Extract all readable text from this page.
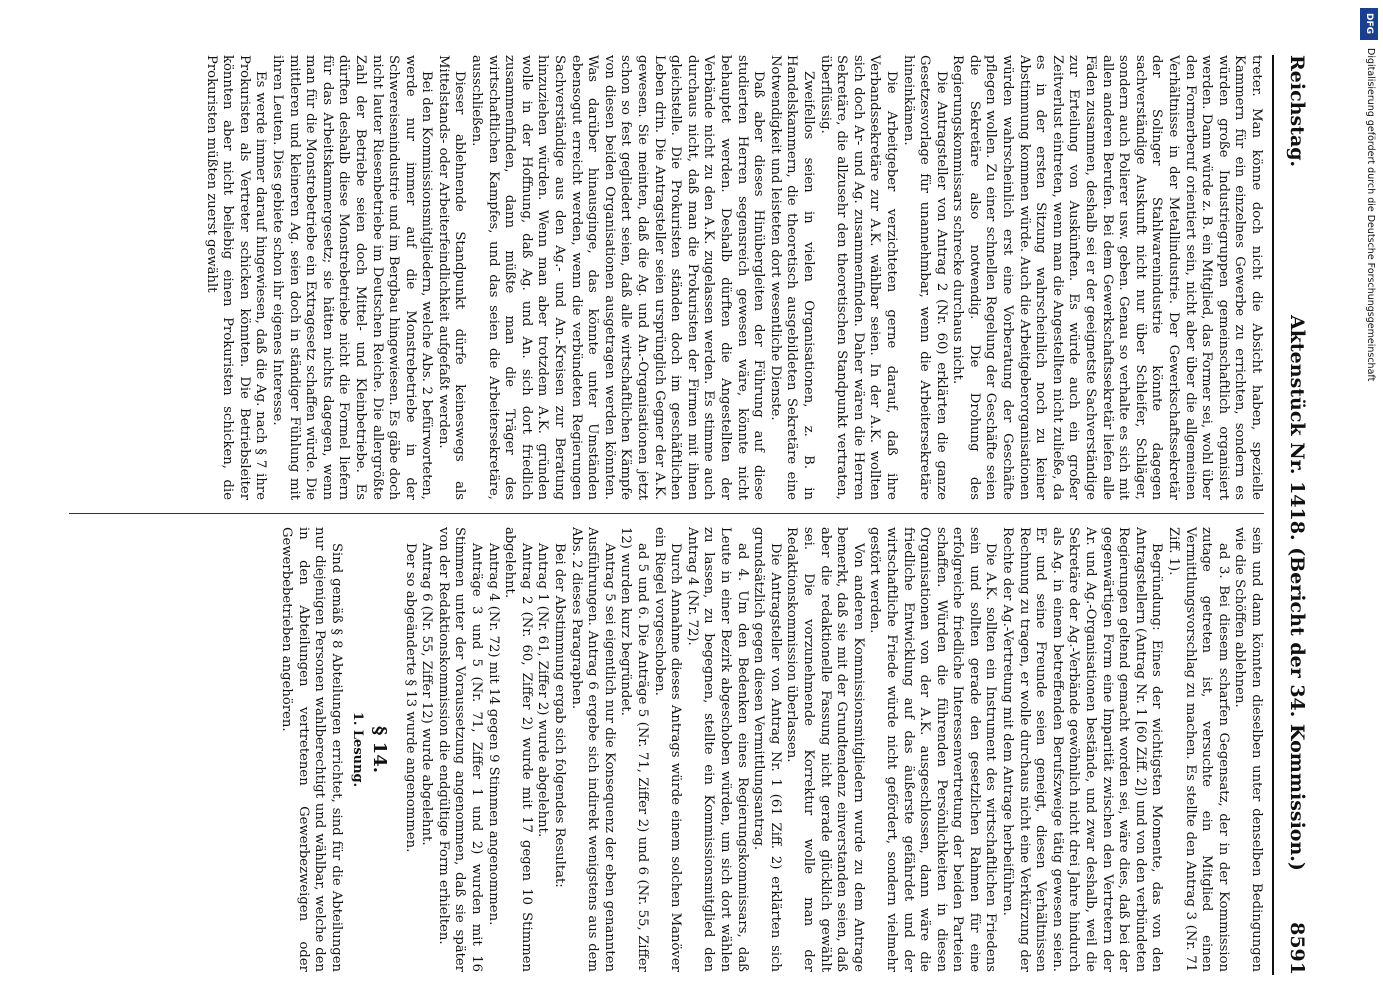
Reichstag.
Aktenstück Nr. 1418. (Bericht der 34. Kommission.)
8591

treter. Man könne doch nicht die Absicht haben, spezielle Kammern für ein einzelnes Gewerbe zu errichten, sondern es würden große Industriegruppen gemeinschaftlich organisiert werden. Dann würde z. B. ein Mitglied, das Former sei, wohl über den Formerberuf orientiert sein, nicht aber über die allgemeinen Verhältnisse in der Metallindustrie. Der Gewerkschaftssekretär der Solinger Stahlwarenindustrie könnte dagegen sachverständige Auskunft nicht nur über Schleifer, Schläger, sondern auch Polierer usw. geben. Genau so verhalte es sich mit allen anderen Berufen. Bei dem Gewerkschaftssekretär liefen alle Fäden zusammen, deshalb sei er der geeignetste Sachverständige zur Erteilung von Auskünften. Es würde auch ein großer Zeitverlust eintreten, wenn man die Angestellten nicht zuließe, da es in der ersten Sitzung wahrscheinlich noch zu keiner Abstimmung kommen würde. Auch die Arbeitgeberorganisationen würden wahrscheinlich erst eine Vorberatung der Geschäfte pflegen wollen. Zu einer schnellen Regelung der Geschäfte seien die Sekretäre also notwendig. Die Drohung des Regierungskommissars schrecke durchaus nicht.

Die Antragsteller von Antrag 2 (Nr. 60) erklärten die ganze Gesetzesvorlage für unannehmbar, wenn die Arbeitersekretäre hineinkämen.

Die Arbeitgeber verzichteten gerne darauf, daß ihre Verbandssekretäre zur A.K. wählbar seien. In der A.K. wollten sich doch Ar- und Ag. zusammenfinden. Daher wären die Herren Sekretäre, die allzusehr den theoretischen Standpunkt vertraten, überflüssig.

Zweifellos seien in vielen Organisationen, z. B. in Handelskammern, die theoretisch ausgebildeten Sekretäre eine Notwendigkeit und leisteten dort wesentliche Dienste.

Daß aber dieses Hinübergleiten der Führung auf diese studierten Herren segensreich gewesen wäre, könnte nicht behauptet werden. Deshalb dürften die Angestellten der Verbände nicht zu den A.K. zugelassen werden. Es stimme auch durchaus nicht, daß man die Prokuristen der Firmen mit ihnen gleichstelle. Die Prokuristen ständen doch im geschäftlichen Leben drin. Die Antragsteller seien ursprünglich Gegner der A.K. gewesen. Sie meinten, daß die Ag. und An.-Organisationen jetzt schon so fest gegliedert seien, daß alle wirtschaftlichen Kämpfe von diesen beiden Organisationen ausgetragen werden könnten. Was darüber hinausginge, das könnte unter Umständen ebensogut erreicht werden, wenn die verbündeten Regierungen Sachverständige aus den Ag.- und An.-Kreisen zur Beratung hinzuziehen würden. Wenn man aber trotzdem A.K. gründen wolle in der Hoffnung, daß Ag. und An. sich dort friedlich zusammenfinden, dann müßte man die Träger des wirtschaftlichen Kampfes, und das seien die Arbeitersekretäre, ausschließen.

Dieser ablehnende Standpunkt dürfe keineswegs als Mittelstands- oder Arbeiterfeindlichkeit aufgefaßt werden.

Bei den Kommissionsmitgliedern, welche Abs. 2 befürworteten, werde nur immer auf die Monstrebetriebe in der Schwereisenindustrie und im Bergbau hingewiesen. Es gäbe doch nicht lauter Riesenbetriebe im Deutschen Reiche. Die allergrößte Zahl der Betriebe seien doch Mittel- und Kleinbetriebe. Es dürften deshalb diese Monstrebetriebe nicht die Formel liefern für das Arbeitskammergesetz; sie hätten nichts dagegen, wenn man für die Monstrebetriebe ein Extragesetz schaffen würde. Die mittleren und kleineren Ag. seien doch in ständiger Fühlung mit ihren Leuten. Dies gebiete schon ihr eigenes Interesse.

Es werde immer darauf hingewiesen, daß die Ag. nach § 7 ihre Prokuristen als Vertreter schicken könnten. Die Betriebsleiter könnten aber nicht beliebig einen Prokuristen schicken, die Prokuristen müßten zuerst gewählt

sein und dann könnten dieselben unter denselben Bedingungen wie die Schöffen ablehnen.

ad 3. Bei diesem scharfen Gegensatz, der in der Kommission zutage getreten ist, versuchte ein Mitglied einen Vermittlungsvorschlag zu machen. Es stellte den Antrag 3 (Nr. 71 Ziff. 1).

Begründung: Eines der wichtigsten Momente, das von den Antragstellern (Antrag Nr. 1 [60 Ziff. 2]) und von den verbündeten Regierungen geltend gemacht worden sei, wäre dies, daß bei der gegenwärtigen Form eine Imparität zwischen den Vertretern der Ar. und Ag.-Organisationen bestände, und zwar deshalb, weil die Sekretäre der Ag.-Verbände gewöhnlich nicht drei Jahre hindurch als Ag. in einem betreffenden Berufszweige tätig gewesen seien. Er und seine Freunde seien geneigt, diesen Verhältnissen Rechnung zu tragen, er wolle durchaus nicht eine Verkürzung der Rechte der Ag.-Vertretung mit dem Antrage herbeiführen.

Die A.K. sollten ein Instrument des wirtschaftlichen Friedens sein und sollten gerade den gesetzlichen Rahmen für eine erfolgreiche friedliche Interessenvertretung der beiden Parteien schaffen. Würden die führenden Persönlichkeiten in diesen Organisationen von der A.K. ausgeschlossen, dann wäre die friedliche Entwicklung auf das äußerste gefährdet und der wirtschaftliche Friede würde nicht gefördert, sondern vielmehr gestört werden.

Von anderen Kommissionsmitgliedern wurde zu dem Antrage bemerkt, daß sie mit der Grundtendenz einverstanden seien, daß aber die redaktionelle Fassung nicht gerade glücklich gewählt sei. Die vorzunehmende Korrektur wolle man der Redaktionskommission überlassen.

Die Antragsteller von Antrag Nr. 1 (61 Ziff. 2) erklärten sich grundsätzlich gegen diesen Vermittlungsantrag.

ad 4. Um den Bedenken eines Regierungskommissars, daß Leute in einer Bezirk abgeschoben würden, um sich dort wählen zu lassen, zu begegnen, stellte ein Kommissionsmitglied den Antrag 4 (Nr. 72).

Durch Annahme dieses Antrags würde einem solchen Manöver ein Riegel vorgeschoben.

ad 5 und 6. Die Anträge 5 (Nr. 71, Ziffer 2) und 6 (Nr. 55, Ziffer 12) wurden kurz begründet.

Antrag 5 sei eigentlich nur die Konsequenz der eben genannten Ausführungen. Antrag 6 ergebe sich indirekt wenigstens aus dem Abs. 2 dieses Paragraphen.

Bei der Abstimmung ergab sich folgendes Resultat:

Antrag 1 (Nr. 61, Ziffer 2) wurde abgelehnt.

Antrag 2 (Nr. 60, Ziffer 2) wurde mit 17 gegen 10 Stimmen abgelehnt.

Antrag 4 (Nr. 72) mit 14 gegen 9 Stimmen angenommen.

Anträge 3 und 5 (Nr. 71, Ziffer 1 und 2) wurden mit 16 Stimmen unter der Voraussetzung angenommen, daß sie später von der Redaktionskommission die endgültige Form erhielten.

Antrag 6 (Nr. 55, Ziffer 12) wurde abgelehnt.

Der so abgeänderte § 13 wurde angenommen.

§ 14.
1. Lesung.

Sind gemäß § 8 Abteilungen errichtet, sind für die Abteilungen nur diejenigen Personen wahlberechtigt und wählbar, welche den in den Abteilungen vertretenen Gewerbezweigen oder Gewerbebetrieben angehören.

DFG
Digitalisierung gefördert durch die Deutsche Forschungsgemeinschaft
